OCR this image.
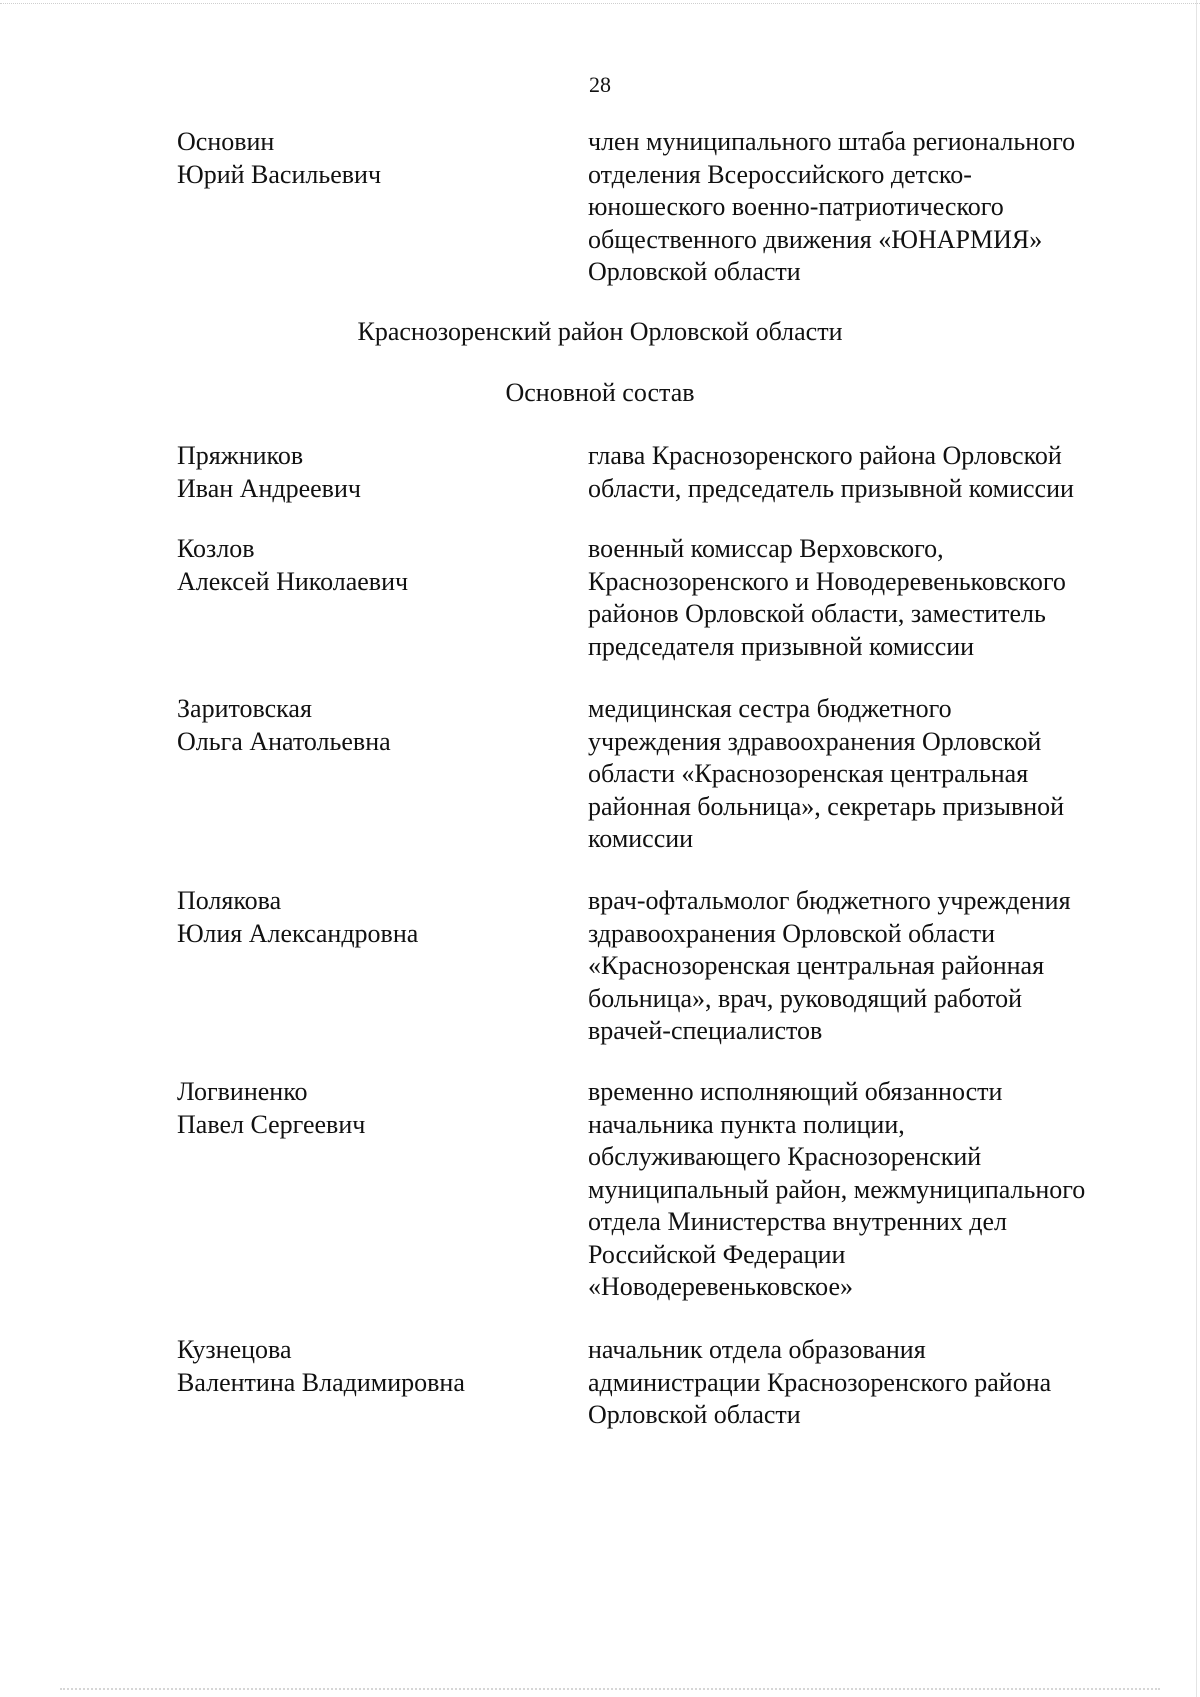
28
Основин
Юрий Васильевич
член муниципального штаба регионального
отделения Всероссийского детско-
юношеского военно-патриотического
общественного движения «ЮНАРМИЯ»
Орловской области
Краснозоренский район Орловской области
Основной состав
Пряжников
Иван Андреевич
глава Краснозоренского района Орловской
области, председатель призывной комиссии
Козлов
Алексей Николаевич
военный комиссар Верховского,
Краснозоренского и Новодеревеньковского
районов Орловской области, заместитель
председателя призывной комиссии
Заритовская
Ольга Анатольевна
медицинская сестра бюджетного
учреждения здравоохранения Орловской
области «Краснозоренская центральная
районная больница», секретарь призывной
комиссии
Полякова
Юлия Александровна
врач-офтальмолог бюджетного учреждения
здравоохранения Орловской области
«Краснозоренская центральная районная
больница», врач, руководящий работой
врачей-специалистов
Логвиненко
Павел Сергеевич
временно исполняющий обязанности
начальника пункта полиции,
обслуживающего Краснозоренский
муниципальный район, межмуниципального
отдела Министерства внутренних дел
Российской Федерации
«Новодеревеньковское»
Кузнецова
Валентина Владимировна
начальник отдела образования
администрации Краснозоренского района
Орловской области
